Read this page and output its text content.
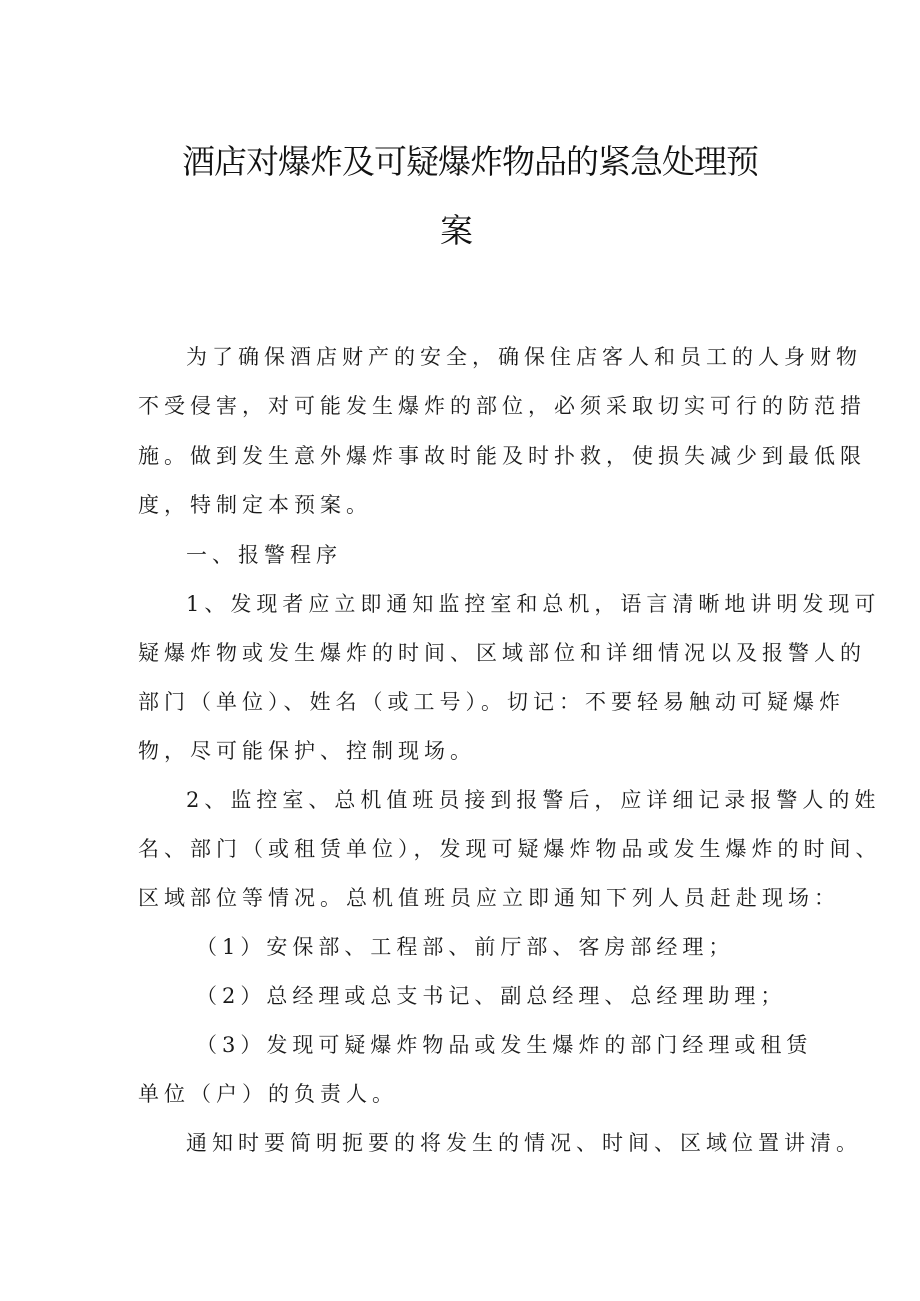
酒店对爆炸及可疑爆炸物品的紧急处理预
案
为了确保酒店财产的安全，确保住店客人和员工的人身财物
不受侵害，对可能发生爆炸的部位，必须采取切实可行的防范措
施。做到发生意外爆炸事故时能及时扑救，使损失减少到最低限
度，特制定本预案。
一、报警程序
1、发现者应立即通知监控室和总机，语言清晰地讲明发现可
疑爆炸物或发生爆炸的时间、区域部位和详细情况以及报警人的
部门（单位）、姓名（或工号）。切记：不要轻易触动可疑爆炸
物，尽可能保护、控制现场。
2、监控室、总机值班员接到报警后，应详细记录报警人的姓
名、部门（或租赁单位），发现可疑爆炸物品或发生爆炸的时间、
区域部位等情况。总机值班员应立即通知下列人员赶赴现场：
（1）安保部、工程部、前厅部、客房部经理；
（2）总经理或总支书记、副总经理、总经理助理；
（3）发现可疑爆炸物品或发生爆炸的部门经理或租赁
单位（户）的负责人。
通知时要简明扼要的将发生的情况、时间、区域位置讲清。
